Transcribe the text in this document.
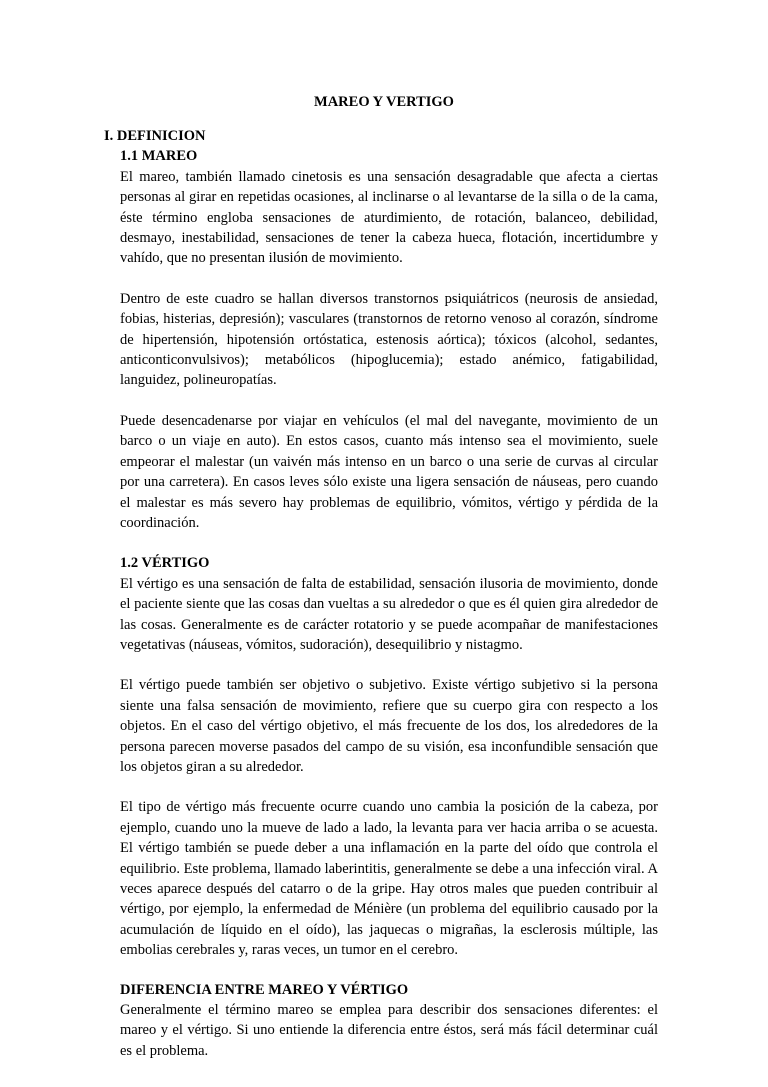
MAREO Y VERTIGO
I. DEFINICION
1.1 MAREO

El mareo, también llamado cinetosis es una sensación desagradable que afecta a ciertas personas al girar en repetidas ocasiones, al inclinarse o al levantarse de la silla o de la cama, éste término engloba sensaciones de aturdimiento, de rotación, balanceo, debilidad, desmayo, inestabilidad, sensaciones de tener la cabeza hueca, flotación, incertidumbre y vahído, que no presentan ilusión de movimiento.

Dentro de este cuadro se hallan diversos transtornos psiquiátricos (neurosis de ansiedad, fobias, histerias, depresión); vasculares (transtornos de retorno venoso al corazón, síndrome de hipertensión, hipotensión ortóstatica, estenosis aórtica); tóxicos (alcohol, sedantes, anticonticonvulsivos); metabólicos (hipoglucemia); estado anémico, fatigabilidad, languidez, polineuropatías.

Puede desencadenarse por viajar en vehículos (el mal del navegante, movimiento de un barco o un viaje en auto). En estos casos, cuanto más intenso sea el movimiento, suele empeorar el malestar (un vaivén más intenso en un barco o una serie de curvas al circular por una carretera). En casos leves sólo existe una ligera sensación de náuseas, pero cuando el malestar es más severo hay problemas de equilibrio, vómitos, vértigo y pérdida de la coordinación.

1.2 VÉRTIGO

El vértigo es una sensación de falta de estabilidad, sensación ilusoria de movimiento, donde el paciente siente que las cosas dan vueltas a su alrededor o que es él quien gira alrededor de las cosas. Generalmente es de carácter rotatorio y se puede acompañar de manifestaciones vegetativas (náuseas, vómitos, sudoración), desequilibrio y nistagmo.

El vértigo puede también ser objetivo o subjetivo. Existe vértigo subjetivo si la persona siente una falsa sensación de movimiento, refiere que su cuerpo gira con respecto a los objetos. En el caso del vértigo objetivo, el más frecuente de los dos, los alrededores de la persona parecen moverse pasados del campo de su visión, esa inconfundible sensación que los objetos giran a su alrededor.

El tipo de vértigo más frecuente ocurre cuando uno cambia la posición de la cabeza, por ejemplo, cuando uno la mueve de lado a lado, la levanta para ver hacia arriba o se acuesta. El vértigo también se puede deber a una inflamación en la parte del oído que controla el equilibrio. Este problema, llamado laberintitis, generalmente se debe a una infección viral. A veces aparece después del catarro o de la gripe. Hay otros males que pueden contribuir al vértigo, por ejemplo, la enfermedad de Ménière (un problema del equilibrio causado por la acumulación de líquido en el oído), las jaquecas o migrañas, la esclerosis múltiple, las embolias cerebrales y, raras veces, un tumor en el cerebro.

DIFERENCIA ENTRE MAREO Y VÉRTIGO

Generalmente el término mareo se emplea para describir dos sensaciones diferentes: el mareo y el vértigo. Si uno entiende la diferencia entre éstos, será más fácil determinar cuál es el problema.
